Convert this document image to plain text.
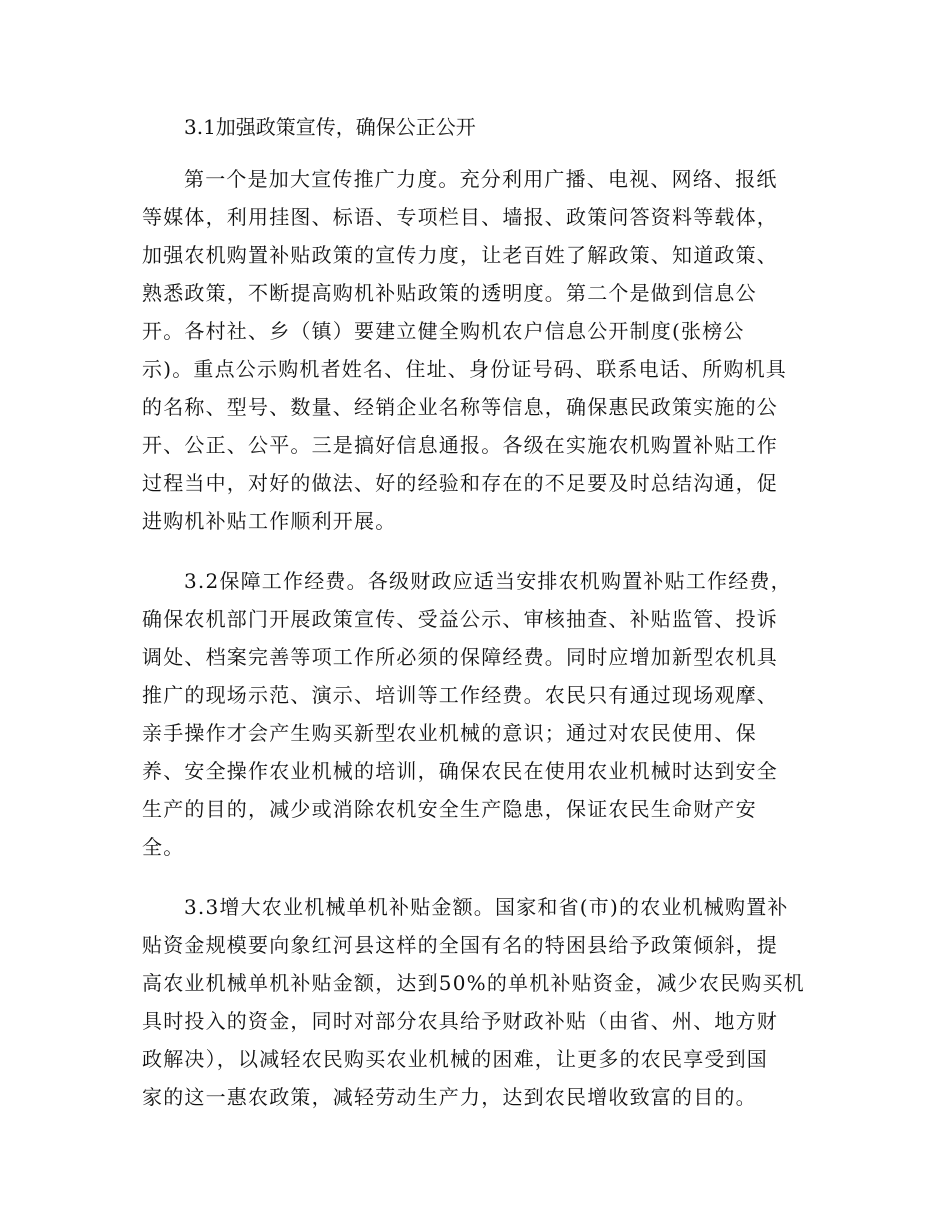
3.1加强政策宣传，确保公正公开
第一个是加大宣传推广力度。充分利用广播、电视、网络、报纸
等媒体，利用挂图、标语、专项栏目、墙报、政策问答资料等载体，
加强农机购置补贴政策的宣传力度，让老百姓了解政策、知道政策、
熟悉政策，不断提高购机补贴政策的透明度。第二个是做到信息公
开。各村社、乡（镇）要建立健全购机农户信息公开制度(张榜公
示)。重点公示购机者姓名、住址、身份证号码、联系电话、所购机具
的名称、型号、数量、经销企业名称等信息，确保惠民政策实施的公
开、公正、公平。三是搞好信息通报。各级在实施农机购置补贴工作
过程当中，对好的做法、好的经验和存在的不足要及时总结沟通，促
进购机补贴工作顺利开展。
3.2保障工作经费。各级财政应适当安排农机购置补贴工作经费，
确保农机部门开展政策宣传、受益公示、审核抽查、补贴监管、投诉
调处、档案完善等项工作所必须的保障经费。同时应增加新型农机具
推广的现场示范、演示、培训等工作经费。农民只有通过现场观摩、
亲手操作才会产生购买新型农业机械的意识；通过对农民使用、保
养、安全操作农业机械的培训，确保农民在使用农业机械时达到安全
生产的目的，减少或消除农机安全生产隐患，保证农民生命财产安
全。
3.3增大农业机械单机补贴金额。国家和省(市)的农业机械购置补
贴资金规模要向象红河县这样的全国有名的特困县给予政策倾斜，提
高农业机械单机补贴金额，达到50%的单机补贴资金，减少农民购买机
具时投入的资金，同时对部分农具给予财政补贴（由省、州、地方财
政解决），以减轻农民购买农业机械的困难，让更多的农民享受到国
家的这一惠农政策，减轻劳动生产力，达到农民增收致富的目的。
